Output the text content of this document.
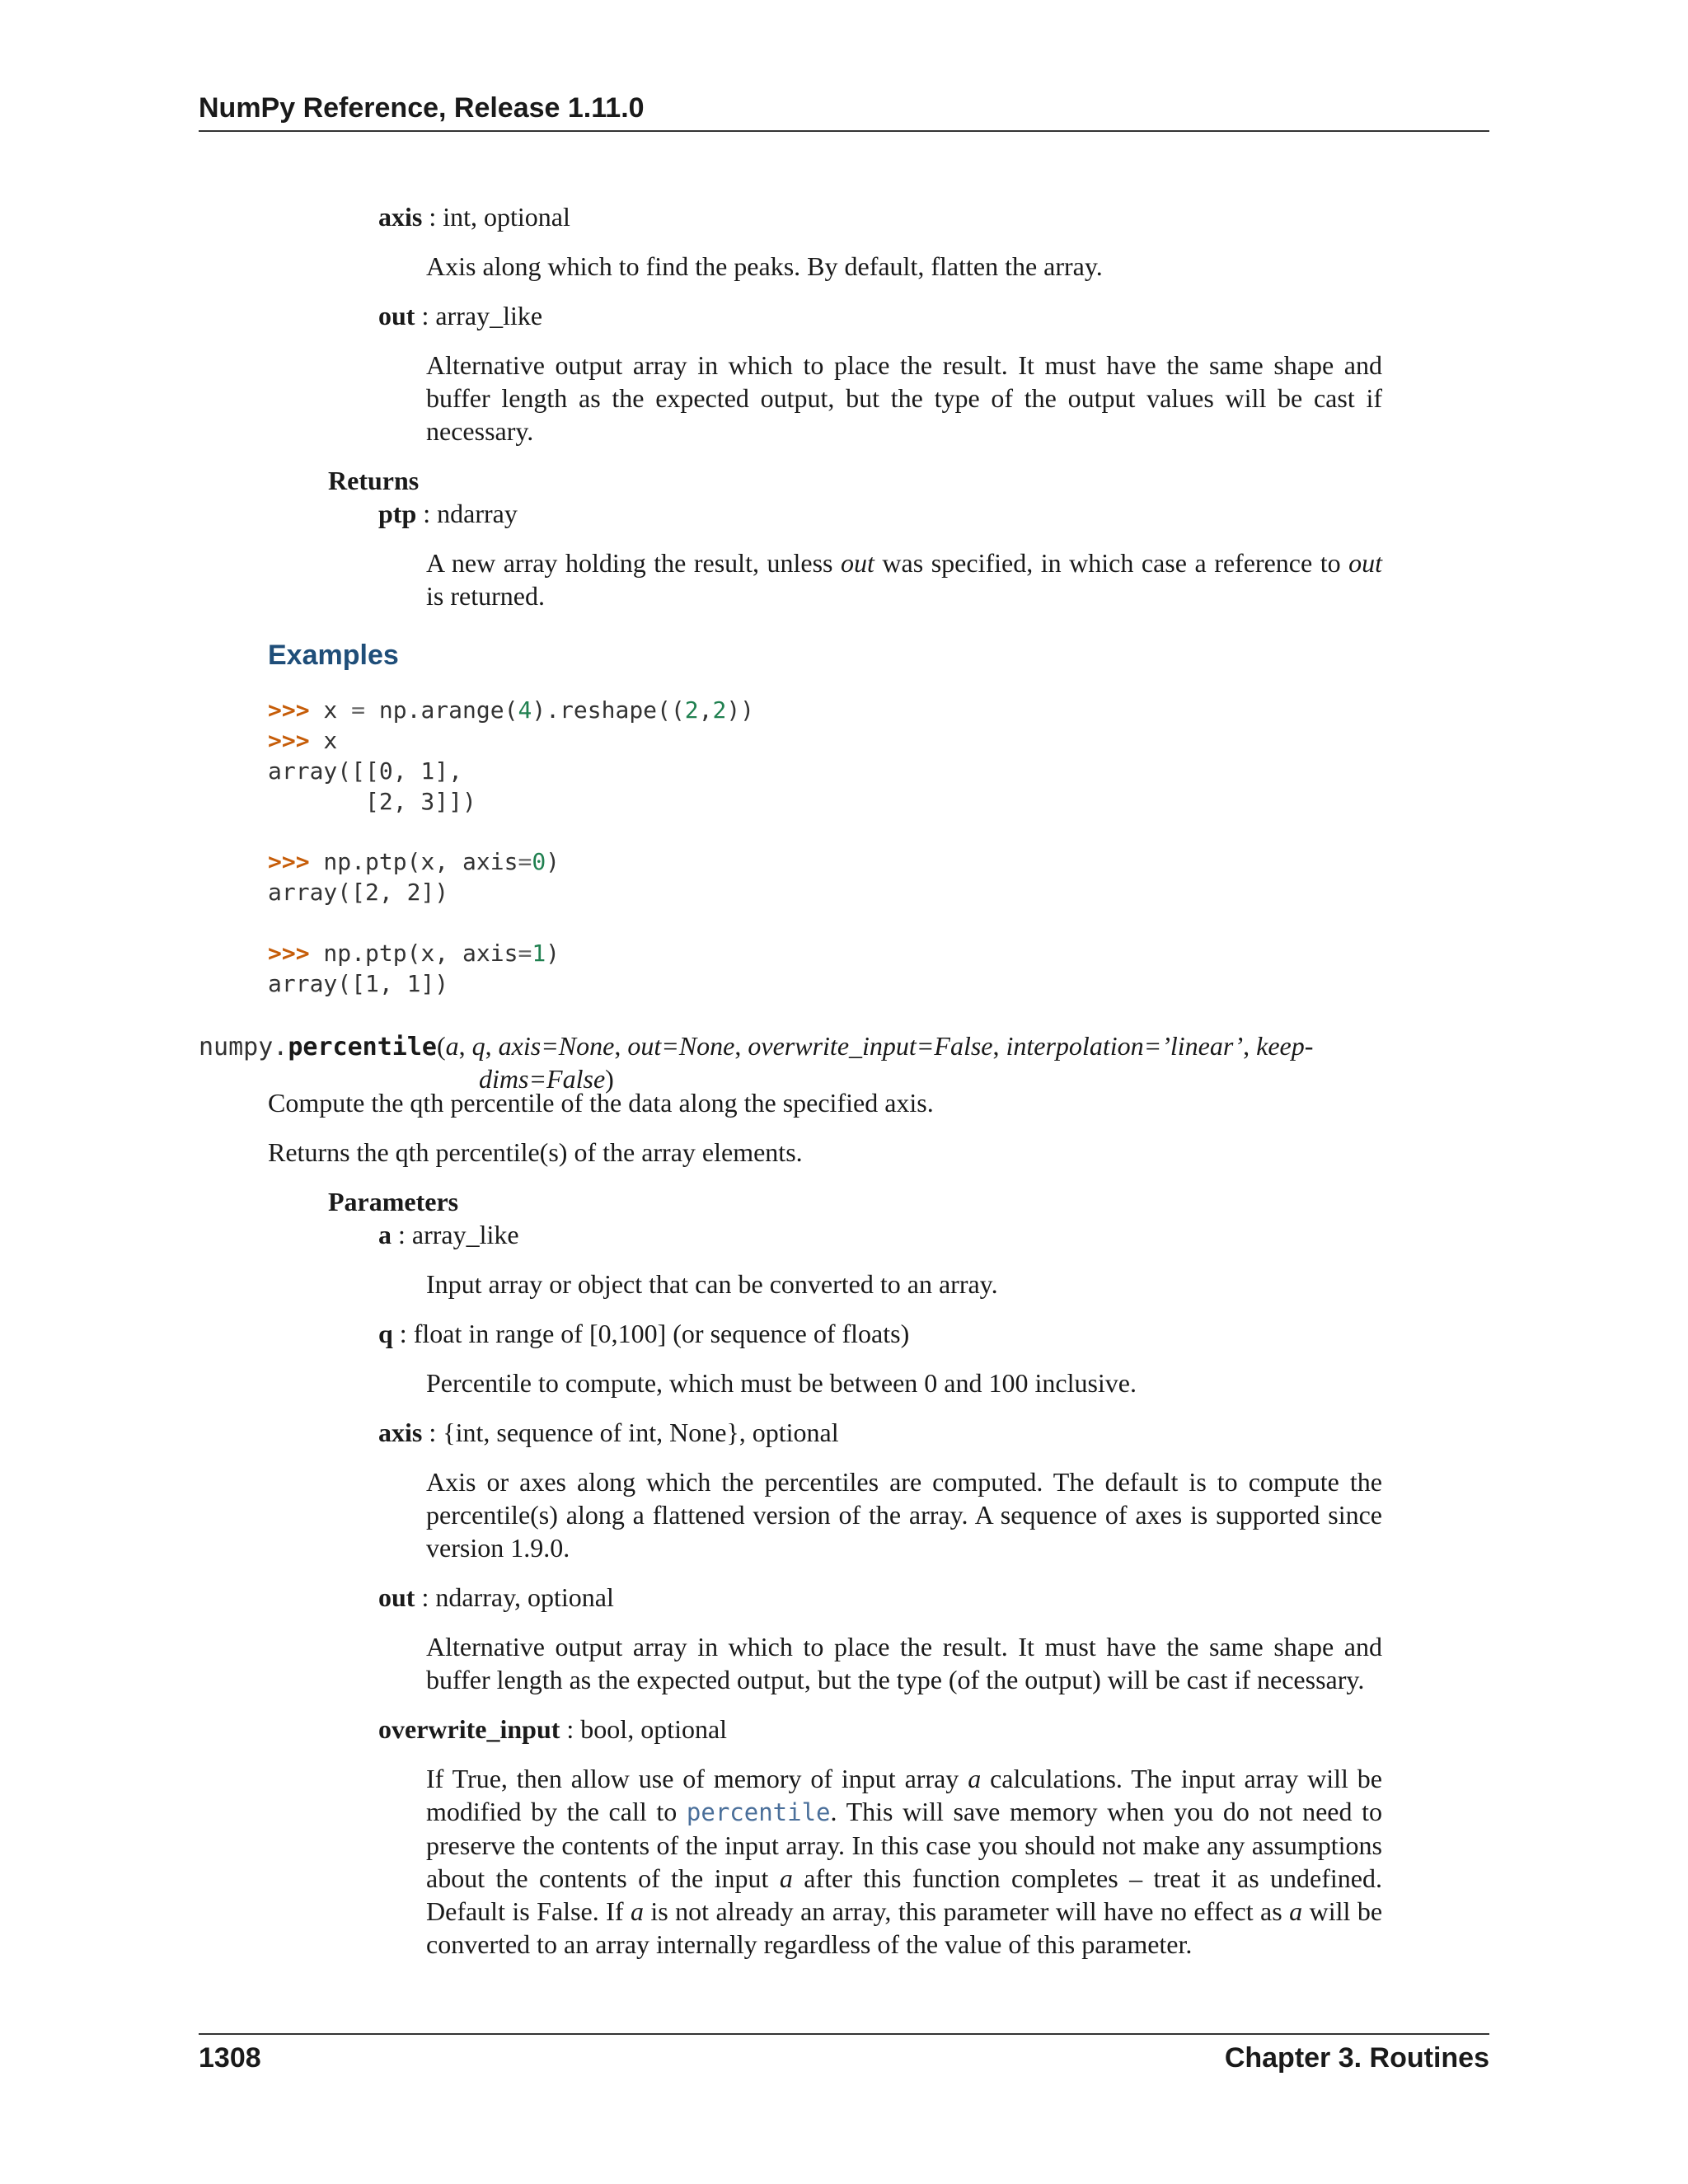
NumPy Reference, Release 1.11.0
axis : int, optional
Axis along which to find the peaks. By default, flatten the array.
out : array_like
Alternative output array in which to place the result. It must have the same shape and buffer length as the expected output, but the type of the output values will be cast if necessary.
Returns
ptp : ndarray
A new array holding the result, unless out was specified, in which case a reference to out is returned.
Examples
>>> x = np.arange(4).reshape((2,2))
>>> x
array([[0, 1],
[2, 3]])
>>> np.ptp(x, axis=0)
array([2, 2])
>>> np.ptp(x, axis=1)
array([1, 1])
numpy.percentile(a, q, axis=None, out=None, overwrite_input=False, interpolation=’linear’, keep-
dims=False)
Compute the qth percentile of the data along the specified axis.
Returns the qth percentile(s) of the array elements.
Parameters
a : array_like
Input array or object that can be converted to an array.
q : float in range of [0,100] (or sequence of floats)
Percentile to compute, which must be between 0 and 100 inclusive.
axis : {int, sequence of int, None}, optional
Axis or axes along which the percentiles are computed. The default is to compute the percentile(s) along a flattened version of the array. A sequence of axes is supported since version 1.9.0.
out : ndarray, optional
Alternative output array in which to place the result. It must have the same shape and buffer length as the expected output, but the type (of the output) will be cast if necessary.
overwrite_input : bool, optional
If True, then allow use of memory of input array a calculations. The input array will be modified by the call to percentile. This will save memory when you do not need to preserve the contents of the input array. In this case you should not make any assumptions about the contents of the input a after this function completes – treat it as undefined. Default is False. If a is not already an array, this parameter will have no effect as a will be converted to an array internally regardless of the value of this parameter.
1308	Chapter 3. Routines
